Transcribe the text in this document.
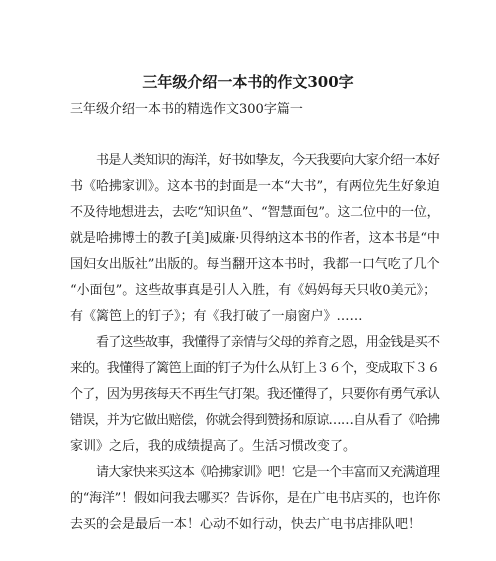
三年级介绍一本书的作文300字
三年级介绍一本书的精选作文300字篇一
书是人类知识的海洋，好书如挚友，今天我要向大家介绍一本好
书《哈拂家训》。这本书的封面是一本“大书”，有两位先生好象迫
不及待地想进去，去吃“知识鱼”、“智慧面包”。这二位中的一位，
就是哈拂博士的教子[美]威廉·贝得纳这本书的作者，这本书是“中
国妇女出版社”出版的。每当翻开这本书时，我都一口气吃了几个
“小面包”。这些故事真是引人入胜，有《妈妈每天只收0美元》；
有《篱笆上的钉子》；有《我打破了一扇窗户》……
看了这些故事，我懂得了亲情与父母的养育之恩，用金钱是买不
来的。我懂得了篱笆上面的钉子为什么从钉上３６个，变成取下３６
个了，因为男孩每天不再生气打架。我还懂得了，只要你有勇气承认
错误，并为它做出赔偿，你就会得到赞扬和原谅……自从看了《哈拂
家训》之后，我的成绩提高了。生活习惯改变了。
请大家快来买这本《哈拂家训》吧！它是一个丰富而又充满道理
的“海洋”！假如问我去哪买？告诉你，是在广电书店买的，也许你
去买的会是最后一本！心动不如行动，快去广电书店排队吧！
